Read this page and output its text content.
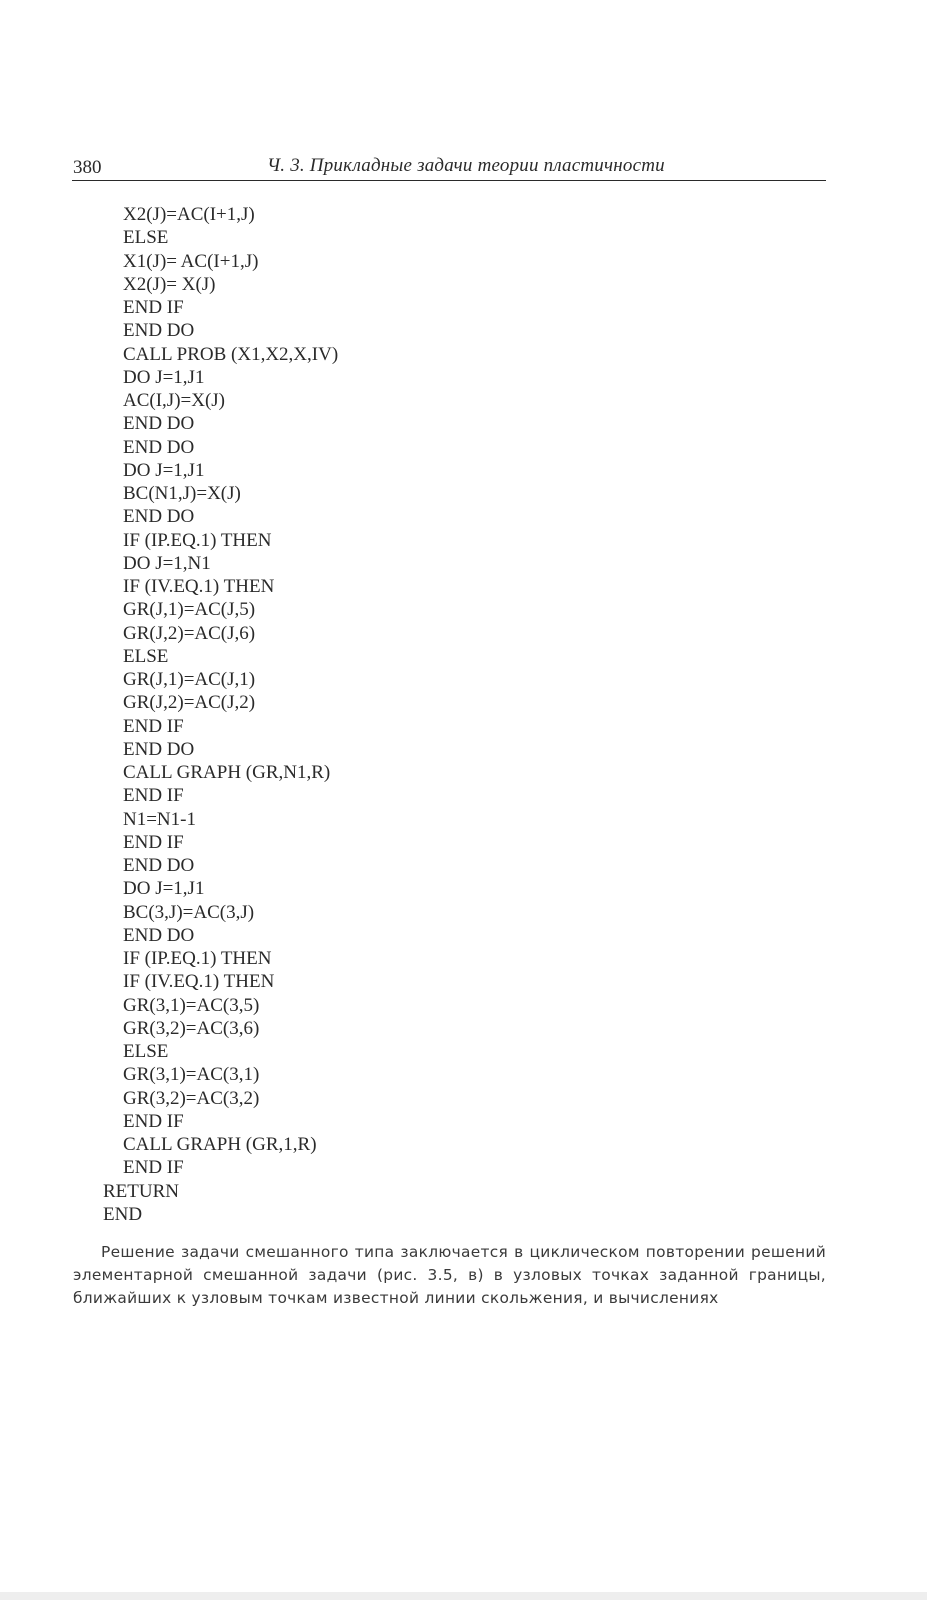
380	Ч. 3. Прикладные задачи теории пластичности
X2(J)=AC(I+1,J)
ELSE
X1(J)= AC(I+1,J)
X2(J)= X(J)
END IF
END DO
CALL PROB (X1,X2,X,IV)
DO J=1,J1
AC(I,J)=X(J)
END DO
END DO
DO J=1,J1
BC(N1,J)=X(J)
END DO
IF (IP.EQ.1) THEN
DO J=1,N1
IF (IV.EQ.1) THEN
GR(J,1)=AC(J,5)
GR(J,2)=AC(J,6)
ELSE
GR(J,1)=AC(J,1)
GR(J,2)=AC(J,2)
END IF
END DO
CALL GRAPH (GR,N1,R)
END IF
N1=N1-1
END IF
END DO
DO J=1,J1
BC(3,J)=AC(3,J)
END DO
IF (IP.EQ.1) THEN
IF (IV.EQ.1) THEN
GR(3,1)=AC(3,5)
GR(3,2)=AC(3,6)
ELSE
GR(3,1)=AC(3,1)
GR(3,2)=AC(3,2)
END IF
CALL GRAPH (GR,1,R)
END IF
RETURN
END

Решение задачи смешанного типа заключается в циклическом повторении решений элементарной смешанной задачи (рис. 3.5, в) в узловых точках заданной границы, ближайших к узловым точкам известной линии скольжения, и вычислениях
